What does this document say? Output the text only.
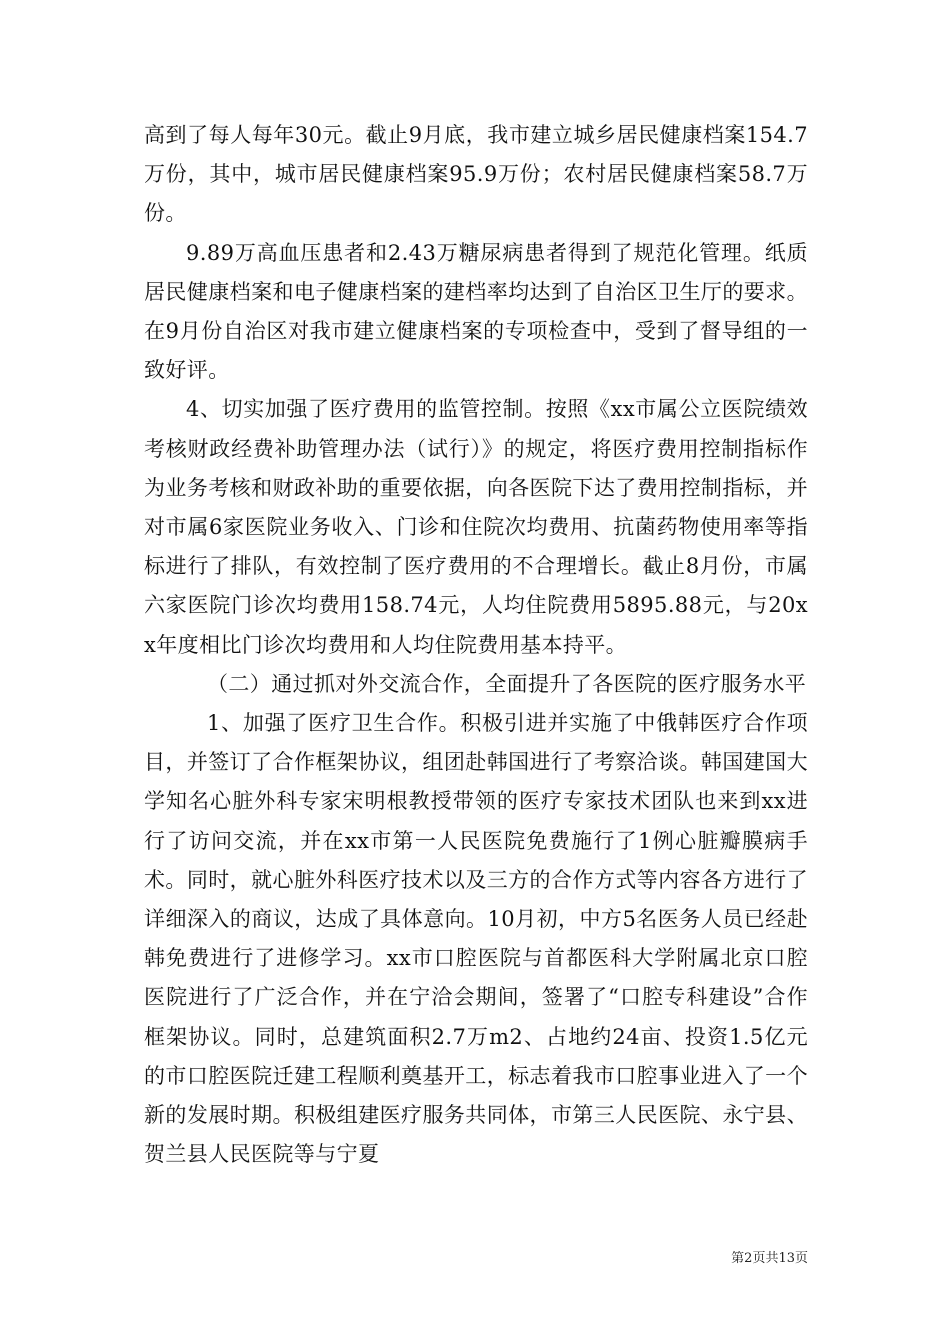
高到了每人每年30元。截止9月底，我市建立城乡居民健康档案154.7万份，其中，城市居民健康档案95.9万份；农村居民健康档案58.7万份。

9.89万高血压患者和2.43万糖尿病患者得到了规范化管理。纸质居民健康档案和电子健康档案的建档率均达到了自治区卫生厅的要求。在9月份自治区对我市建立健康档案的专项检查中，受到了督导组的一致好评。

4、切实加强了医疗费用的监管控制。按照《xx市属公立医院绩效考核财政经费补助管理办法（试行）》的规定，将医疗费用控制指标作为业务考核和财政补助的重要依据，向各医院下达了费用控制指标，并对市属6家医院业务收入、门诊和住院次均费用、抗菌药物使用率等指标进行了排队，有效控制了医疗费用的不合理增长。截止8月份，市属六家医院门诊次均费用158.74元，人均住院费用5895.88元，与20xx年度相比门诊次均费用和人均住院费用基本持平。

（二）通过抓对外交流合作，全面提升了各医院的医疗服务水平

1、加强了医疗卫生合作。积极引进并实施了中俄韩医疗合作项目，并签订了合作框架协议，组团赴韩国进行了考察洽谈。韩国建国大学知名心脏外科专家宋明根教授带领的医疗专家技术团队也来到xx进行了访问交流，并在xx市第一人民医院免费施行了1例心脏瓣膜病手术。同时，就心脏外科医疗技术以及三方的合作方式等内容各方进行了详细深入的商议，达成了具体意向。10月初，中方5名医务人员已经赴韩免费进行了进修学习。xx市口腔医院与首都医科大学附属北京口腔医院进行了广泛合作，并在宁洽会期间，签署了“口腔专科建设”合作框架协议。同时，总建筑面积2.7万m2、占地约24亩、投资1.5亿元的市口腔医院迁建工程顺利奠基开工，标志着我市口腔事业进入了一个新的发展时期。积极组建医疗服务共同体，市第三人民医院、永宁县、贺兰县人民医院等与宁夏

第2页共13页
